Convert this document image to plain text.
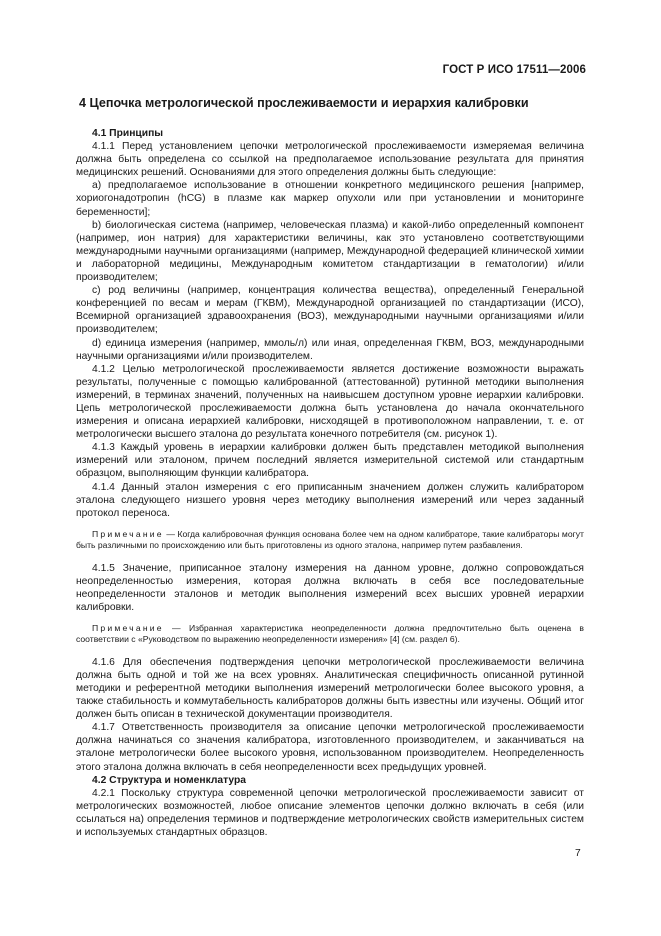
ГОСТ Р ИСО 17511—2006
4 Цепочка метрологической прослеживаемости и иерархия калибровки
4.1 Принципы

4.1.1 Перед установлением цепочки метрологической прослеживаемости измеряемая величина должна быть определена со ссылкой на предполагаемое использование результата для принятия медицинских решений. Основаниями для этого определения должны быть следующие:

а) предполагаемое использование в отношении конкретного медицинского решения [например, хориогонадотропин (hCG) в плазме как маркер опухоли или при установлении и мониторинге беременности];

b) биологическая система (например, человеческая плазма) и какой-либо определенный компонент (например, ион натрия) для характеристики величины, как это установлено соответствующими международными научными организациями (например, Международной федерацией клинической химии и лабораторной медицины, Международным комитетом стандартизации в гематологии) и/или производителем;

с) род величины (например, концентрация количества вещества), определенный Генеральной конференцией по весам и мерам (ГКВМ), Международной организацией по стандартизации (ИСО), Всемирной организацией здравоохранения (ВОЗ), международными научными организациями и/или производителем;

d) единица измерения (например, ммоль/л) или иная, определенная ГКВМ, ВОЗ, международными научными организациями и/или производителем.

4.1.2 Целью метрологической прослеживаемости является достижение возможности выражать результаты, полученные с помощью калиброванной (аттестованной) рутинной методики выполнения измерений, в терминах значений, полученных на наивысшем доступном уровне иерархии калибровки. Цепь метрологической прослеживаемости должна быть установлена до начала окончательного измерения и описана иерархией калибровки, нисходящей в противоположном направлении, т. е. от метрологически высшего эталона до результата конечного потребителя (см. рисунок 1).

4.1.3 Каждый уровень в иерархии калибровки должен быть представлен методикой выполнения измерений или эталоном, причем последний является измерительной системой или стандартным образцом, выполняющим функции калибратора.

4.1.4 Данный эталон измерения с его приписанным значением должен служить калибратором эталона следующего низшего уровня через методику выполнения измерений или через заданный протокол переноса.

Примечание — Когда калибровочная функция основана более чем на одном калибраторе, такие калибраторы могут быть различными по происхождению или быть приготовлены из одного эталона, например путем разбавления.

4.1.5 Значение, приписанное эталону измерения на данном уровне, должно сопровождаться неопределенностью измерения, которая должна включать в себя все последовательные неопределенности эталонов и методик выполнения измерений всех высших уровней иерархии калибровки.

Примечание — Избранная характеристика неопределенности должна предпочтительно быть оценена в соответствии с «Руководством по выражению неопределенности измерения» [4] (см. раздел 6).

4.1.6 Для обеспечения подтверждения цепочки метрологической прослеживаемости величина должна быть одной и той же на всех уровнях. Аналитическая специфичность описанной рутинной методики и референтной методики выполнения измерений метрологически более высокого уровня, а также стабильность и коммутабельность калибраторов должны быть известны или изучены. Общий итог должен быть описан в технической документации производителя.

4.1.7 Ответственность производителя за описание цепочки метрологической прослеживаемости должна начинаться со значения калибратора, изготовленного производителем, и заканчиваться на эталоне метрологически более высокого уровня, использованном производителем. Неопределенность этого эталона должна включать в себя неопределенности всех предыдущих уровней.

4.2 Структура и номенклатура

4.2.1 Поскольку структура современной цепочки метрологической прослеживаемости зависит от метрологических возможностей, любое описание элементов цепочки должно включать в себя (или ссылаться на) определения терминов и подтверждение метрологических свойств измерительных систем и используемых стандартных образцов.

7
